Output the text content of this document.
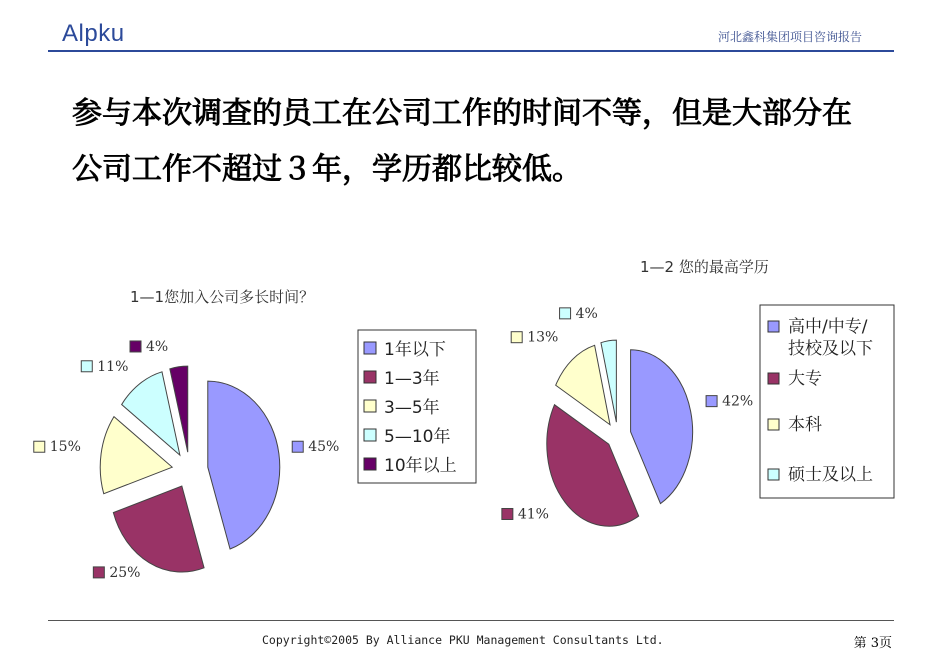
Alpku	河北鑫科集团项目咨询报告
参与本次调查的员工在公司工作的时间不等，但是大部分在公司工作不超过３年，学历都比较低。
1—1您加入公司多长时间？
45%
25%
15%
11%
4%	1年以下
1—3年
3—5年
5—10年
10年以上
1—2 您的最高学历
42%
41%
13%
4%
高中/中专/技校及以下
大专
本科
硕士及以上
Copyright©2005 By Alliance PKU Management Consultants Ltd.	第 3页
